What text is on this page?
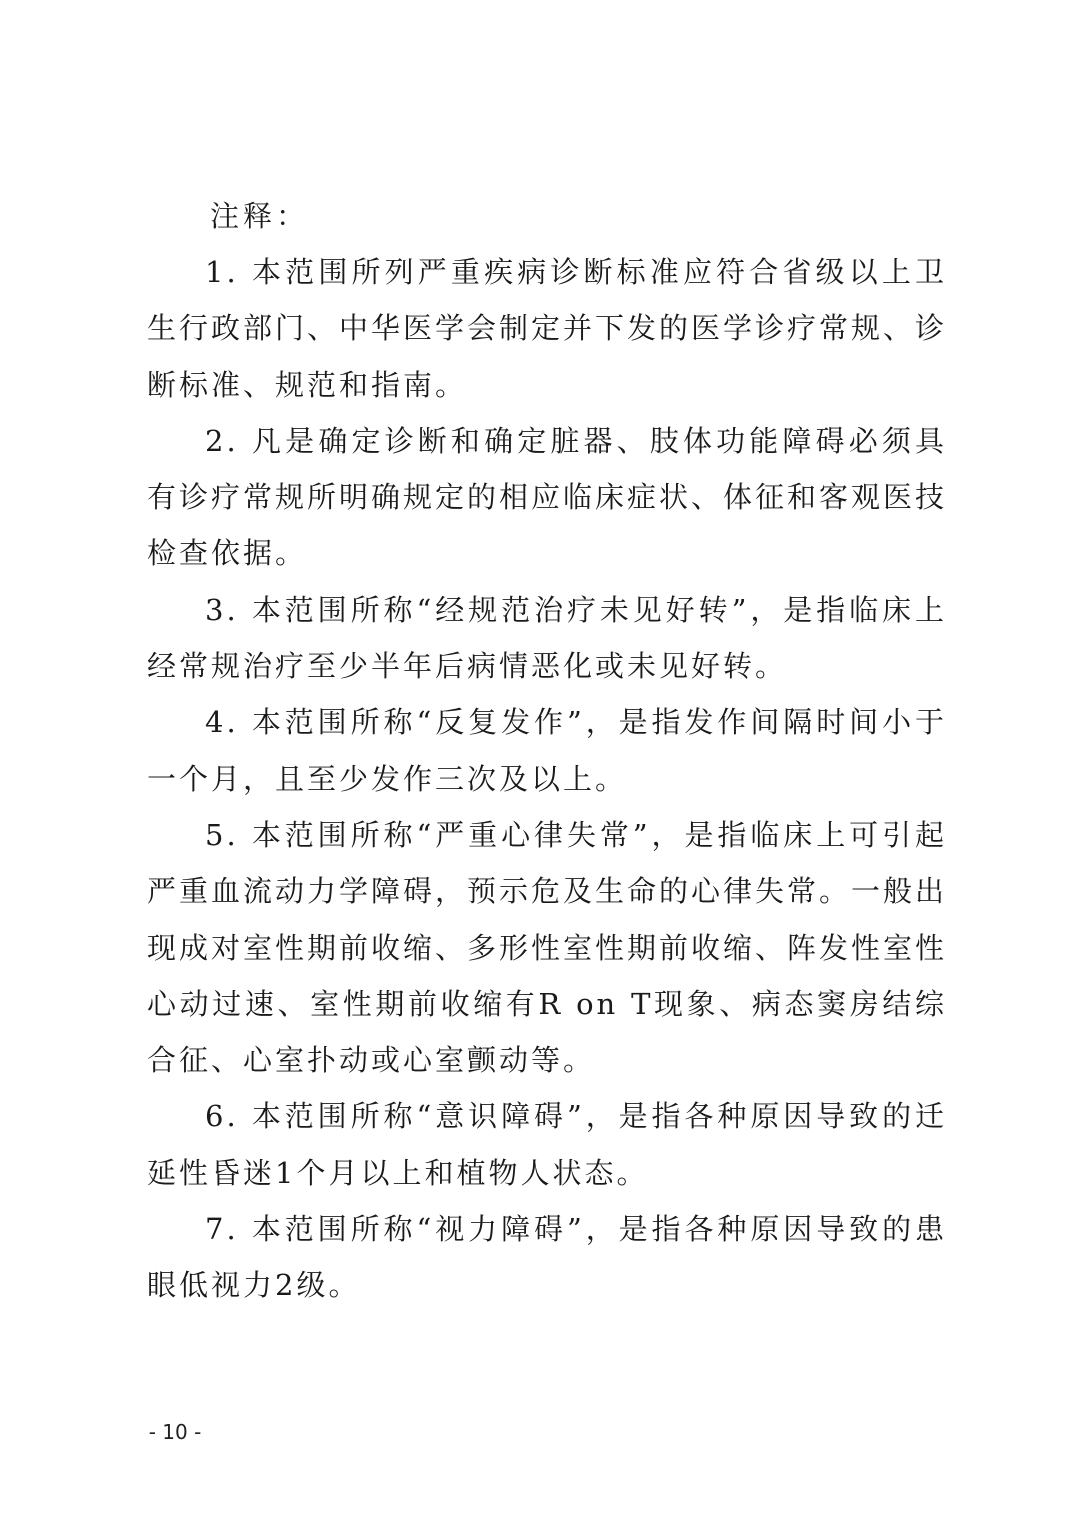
注释：

1. 本范围所列严重疾病诊断标准应符合省级以上卫生行政部门、中华医学会制定并下发的医学诊疗常规、诊断标准、规范和指南。

2. 凡是确定诊断和确定脏器、肢体功能障碍必须具有诊疗常规所明确规定的相应临床症状、体征和客观医技检查依据。

3. 本范围所称“经规范治疗未见好转”，是指临床上经常规治疗至少半年后病情恶化或未见好转。

4. 本范围所称“反复发作”，是指发作间隔时间小于一个月，且至少发作三次及以上。

5. 本范围所称“严重心律失常”，是指临床上可引起严重血流动力学障碍，预示危及生命的心律失常。一般出现成对室性期前收缩、多形性室性期前收缩、阵发性室性心动过速、室性期前收缩有R on T现象、病态窦房结综合征、心室扑动或心室颤动等。

6. 本范围所称“意识障碍”，是指各种原因导致的迁延性昏迷1个月以上和植物人状态。

7. 本范围所称“视力障碍”，是指各种原因导致的患眼低视力2级。

- 10 -
